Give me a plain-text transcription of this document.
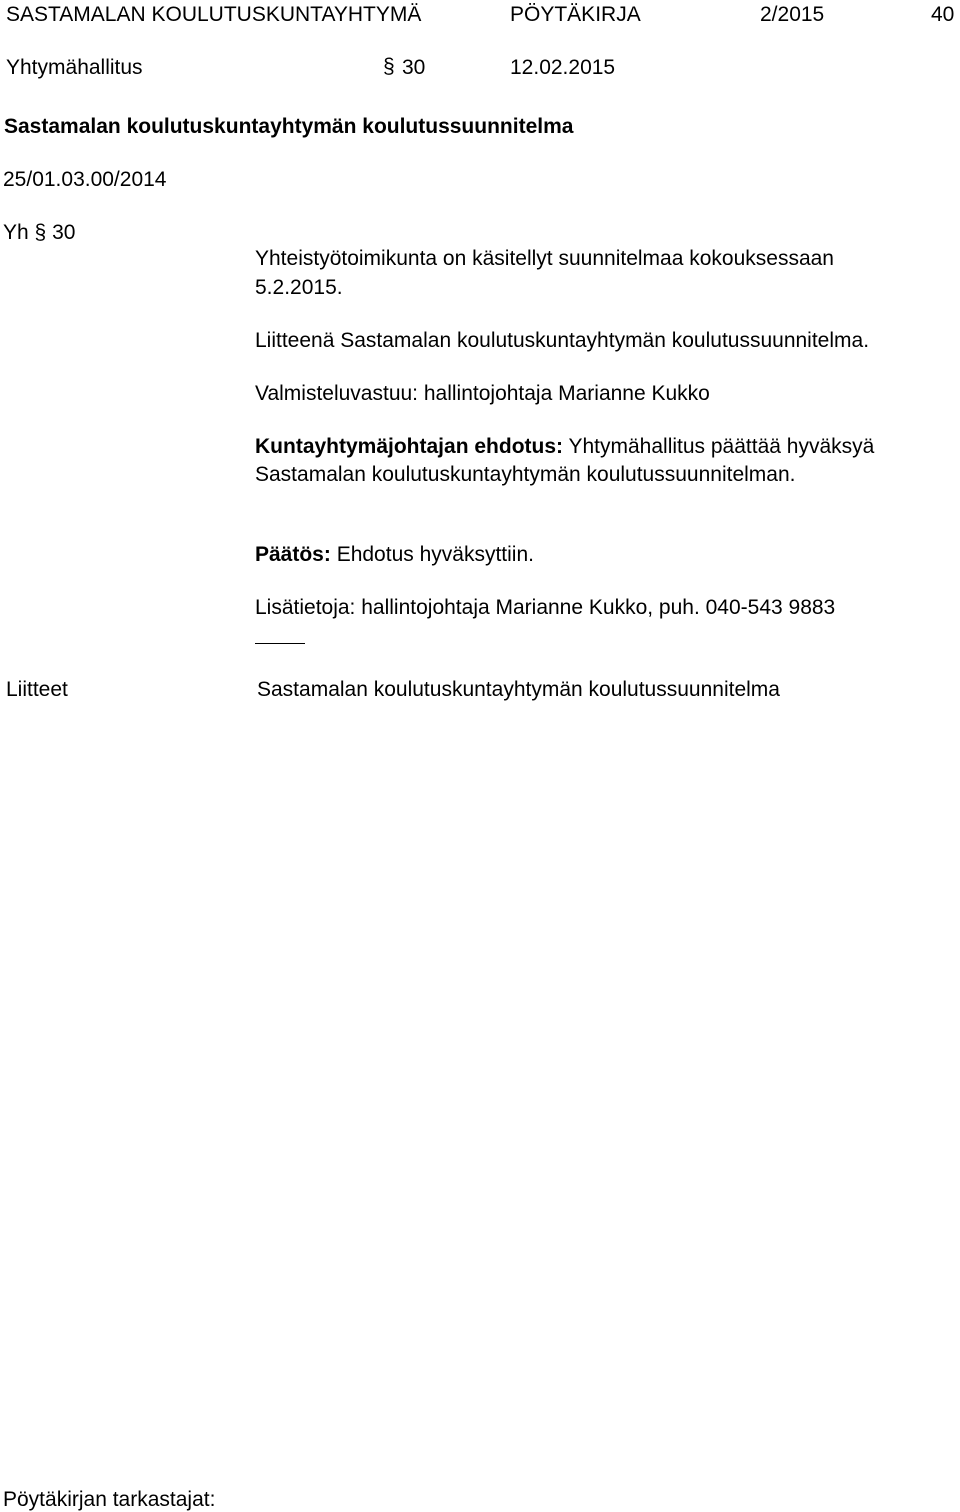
SASTAMALAN KOULUTUSKUNTAYHTYMÄ	PÖYTÄKIRJA	2/2015	40
Yhtymähallitus	§ 30	12.02.2015
Sastamalan koulutuskuntayhtymän koulutussuunnitelma
25/01.03.00/2014
Yh § 30
Yhteistyötoimikunta on käsitellyt suunnitelmaa kokouksessaan
5.2.2015.
Liitteenä Sastamalan koulutuskuntayhtymän koulutussuunnitelma.
Valmisteluvastuu: hallintojohtaja Marianne Kukko
Kuntayhtymäjohtajan ehdotus: Yhtymähallitus päättää hyväksyä
Sastamalan koulutuskuntayhtymän koulutussuunnitelman.
Päätös: Ehdotus hyväksyttiin.
Lisätietoja: hallintojohtaja Marianne Kukko, puh. 040-543 9883
Liitteet	Sastamalan koulutuskuntayhtymän koulutussuunnitelma
Pöytäkirjan tarkastajat:
